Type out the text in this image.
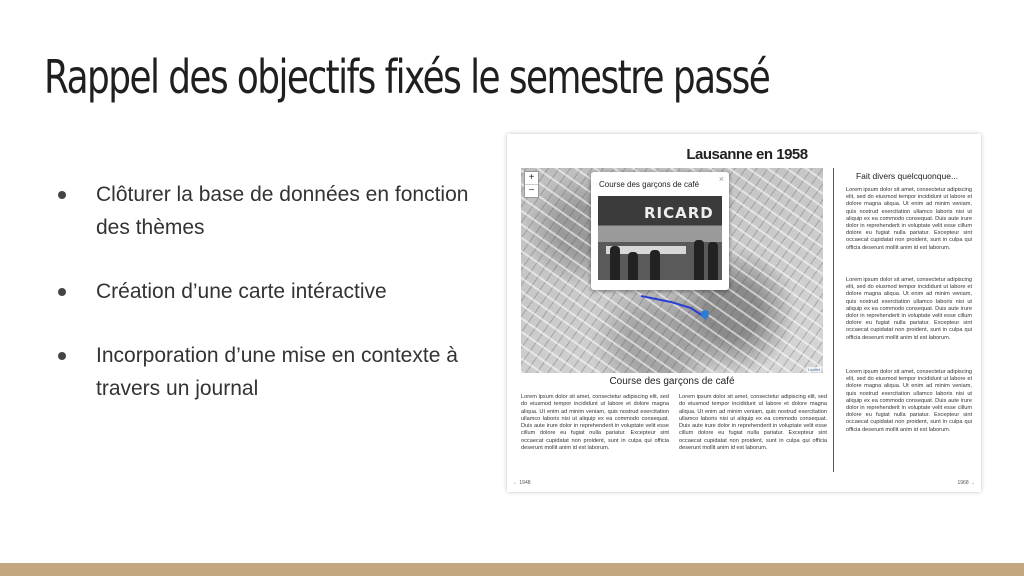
Rappel des objectifs fixés le semestre passé
Clôturer la base de données en fonction des thèmes
Création d’une carte intéractive
Incorporation d’une mise en contexte à travers un journal
Lausanne en 1958
+
−
Course des garçons de café
×
RICARD
Leaflet
Course des garçons de café
Lorem ipsum dolor sit amet, consectetur adipiscing elit, sed do eiusmod tempor incididunt ut labore et dolore magna aliqua. Ut enim ad minim veniam, quis nostrud exercitation ullamco laboris nisi ut aliquip ex ea commodo consequat. Duis aute irure dolor in reprehenderit in voluptate velit esse cillum dolore eu fugiat nulla pariatur. Excepteur sint occaecat cupidatat non proident, sunt in culpa qui officia deserunt mollit anim id est laborum.
Lorem ipsum dolor sit amet, consectetur adipiscing elit, sed do eiusmod tempor incididunt ut labore et dolore magna aliqua. Ut enim ad minim veniam, quis nostrud exercitation ullamco laboris nisi ut aliquip ex ea commodo consequat. Duis aute irure dolor in reprehenderit in voluptate velit esse cillum dolore eu fugiat nulla pariatur. Excepteur sint occaecat cupidatat non proident, sunt in culpa qui officia deserunt mollit anim id est laborum.
Fait divers quelcquonque...
Lorem ipsum dolor sit amet, consectetur adipiscing elit, sed do eiusmod tempor incididunt ut labore et dolore magna aliqua. Ut enim ad minim veniam, quis nostrud exercitation ullamco laboris nisi ut aliquip ex ea commodo consequat. Duis aute irure dolor in reprehenderit in voluptate velit esse cillum dolore eu fugiat nulla pariatur. Excepteur sint occaecat cupidatat non proident, sunt in culpa qui officia deserunt mollit anim id est laborum.
Lorem ipsum dolor sit amet, consectetur adipiscing elit, sed do eiusmod tempor incididunt ut labore et dolore magna aliqua. Ut enim ad minim veniam, quis nostrud exercitation ullamco laboris nisi ut aliquip ex ea commodo consequat. Duis aute irure dolor in reprehenderit in voluptate velit esse cillum dolore eu fugiat nulla pariatur. Excepteur sint occaecat cupidatat non proident, sunt in culpa qui officia deserunt mollit anim id est laborum.
Lorem ipsum dolor sit amet, consectetur adipiscing elit, sed do eiusmod tempor incididunt ut labore et dolore magna aliqua. Ut enim ad minim veniam, quis nostrud exercitation ullamco laboris nisi ut aliquip ex ea commodo consequat. Duis aute irure dolor in reprehenderit in voluptate velit esse cillum dolore eu fugiat nulla pariatur. Excepteur sint occaecat cupidatat non proident, sunt in culpa qui officia deserunt mollit anim id est laborum.
← 1948	1968 →
